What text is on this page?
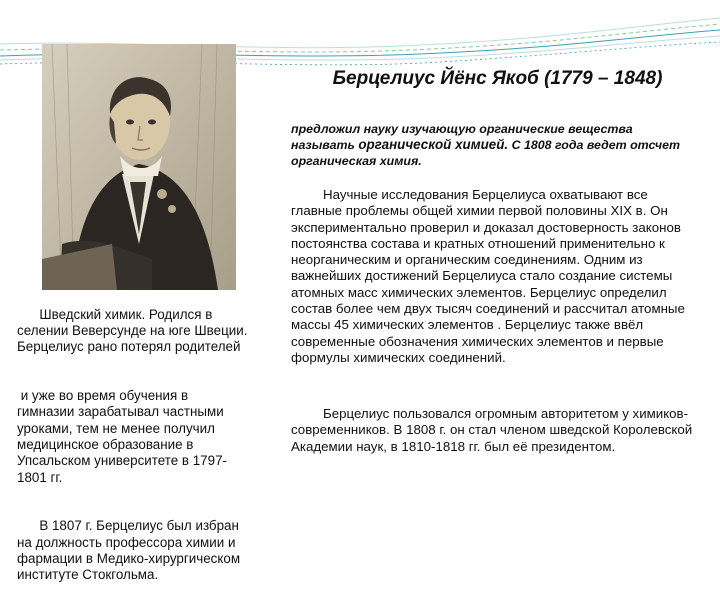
Берцелиус Йёнс Якоб (1779 – 1848)

предложил науку изучающую органические вещества называть органической химией. С 1808 года ведет отсчет органическая химия.

Научные исследования Берцелиуса охватывают все главные проблемы общей химии первой половины XIX в. Он экспериментально проверил и доказал достоверность законов постоянства состава и кратных отношений применительно к неорганическим и органическим соединениям. Одним из важнейших достижений Берцелиуса стало создание системы атомных масс химических элементов. Берцелиус определил состав более чем двух тысяч соединений и рассчитал атомные массы 45 химических элементов . Берцелиус также ввёл современные обозначения химических элементов и первые формулы химических соединений.

Берцелиус пользовался огромным авторитетом у химиков-современников. В 1808 г. он стал членом шведской Королевской Академии наук, в 1810-1818 гг. был её президентом.

Шведский химик. Родился в селении Веверсунде на юге Швеции. Берцелиус рано потерял родителей

и уже во время обучения в гимназии зарабатывал частными уроками, тем не менее получил медицинское образование в Упсальском университете в 1797-1801 гг.

В 1807 г. Берцелиус был избран на должность профессора химии и фармации в Медико-хирургическом институте Стокгольма.
